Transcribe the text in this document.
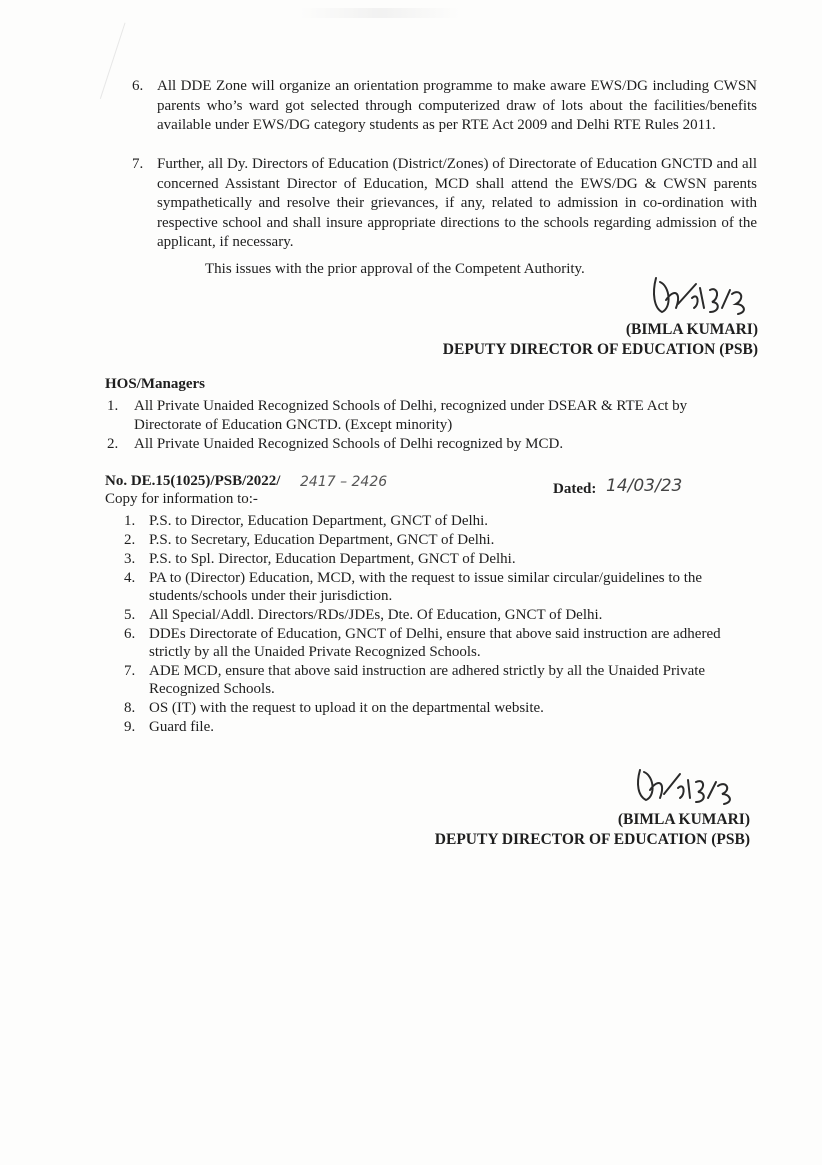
6. All DDE Zone will organize an orientation programme to make aware EWS/DG including CWSN parents who’s ward got selected through computerized draw of lots about the facilities/benefits available under EWS/DG category students as per RTE Act 2009 and Delhi RTE Rules 2011.
7. Further, all Dy. Directors of Education (District/Zones) of Directorate of Education GNCTD and all concerned Assistant Director of Education, MCD shall attend the EWS/DG & CWSN parents sympathetically and resolve their grievances, if any, related to admission in co-ordination with respective school and shall insure appropriate directions to the schools regarding admission of the applicant, if necessary.
This issues with the prior approval of the Competent Authority.
(BIMLA KUMARI)
DEPUTY DIRECTOR OF EDUCATION (PSB)
HOS/Managers
1. All Private Unaided Recognized Schools of Delhi, recognized under DSEAR & RTE Act by Directorate of Education GNCTD. (Except minority)
2. All Private Unaided Recognized Schools of Delhi recognized by MCD.
No. DE.15(1025)/PSB/2022/ 2417 – 2426	Dated: 14/03/23
Copy for information to:-
1. P.S. to Director, Education Department, GNCT of Delhi.
2. P.S. to Secretary, Education Department, GNCT of Delhi.
3. P.S. to Spl. Director, Education Department, GNCT of Delhi.
4. PA to (Director) Education, MCD, with the request to issue similar circular/guidelines to the students/schools under their jurisdiction.
5. All Special/Addl. Directors/RDs/JDEs, Dte. Of Education, GNCT of Delhi.
6. DDEs Directorate of Education, GNCT of Delhi, ensure that above said instruction are adhered strictly by all the Unaided Private Recognized Schools.
7. ADE MCD, ensure that above said instruction are adhered strictly by all the Unaided Private Recognized Schools.
8. OS (IT) with the request to upload it on the departmental website.
9. Guard file.
(BIMLA KUMARI)
DEPUTY DIRECTOR OF EDUCATION (PSB)
